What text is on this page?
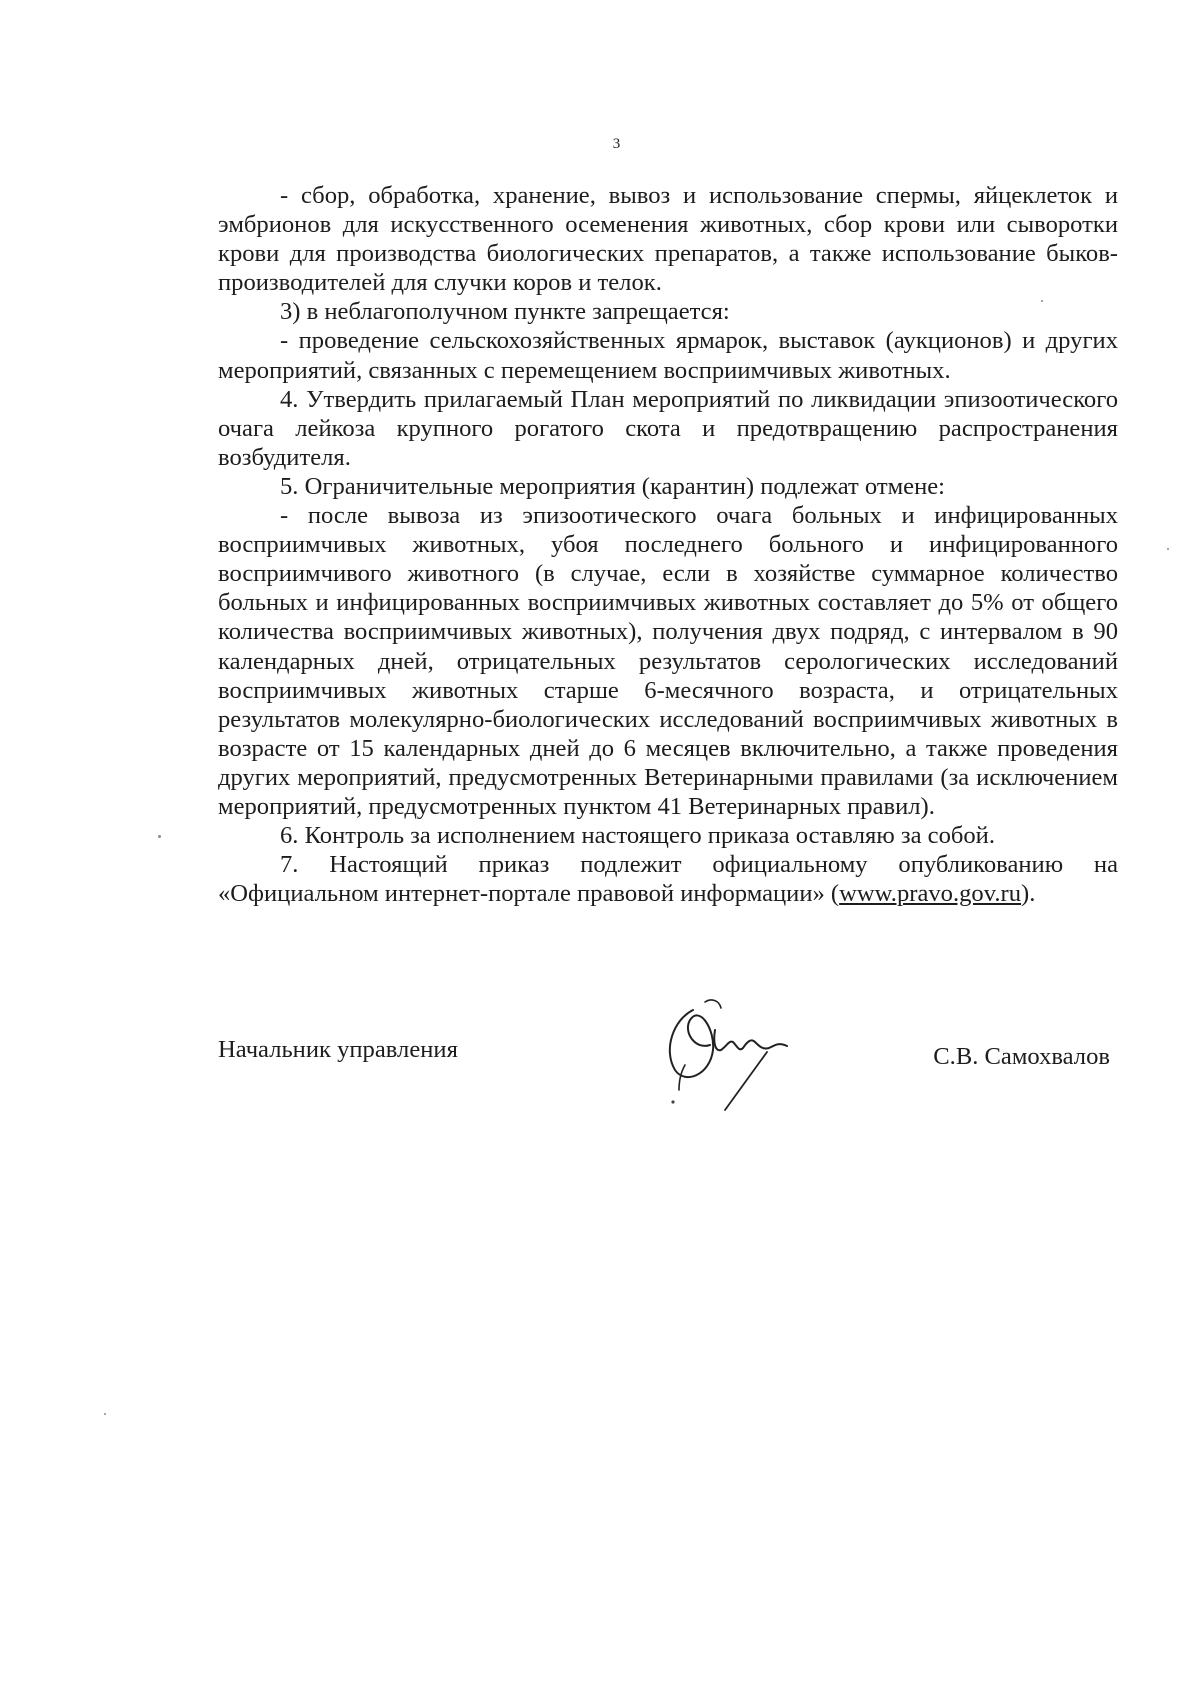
3

- сбор, обработка, хранение, вывоз и использование спермы, яйцеклеток и эмбрионов для искусственного осеменения животных, сбор крови или сыворотки крови для производства биологических препаратов, а также использование быков-производителей для случки коров и телок.

3) в неблагополучном пункте запрещается:

- проведение сельскохозяйственных ярмарок, выставок (аукционов) и других мероприятий, связанных с перемещением восприимчивых животных.

4. Утвердить прилагаемый План мероприятий по ликвидации эпизоотического очага лейкоза крупного рогатого скота и предотвращению распространения возбудителя.

5. Ограничительные мероприятия (карантин) подлежат отмене:

- после вывоза из эпизоотического очага больных и инфицированных восприимчивых животных, убоя последнего больного и инфицированного восприимчивого животного (в случае, если в хозяйстве суммарное количество больных и инфицированных восприимчивых животных составляет до 5% от общего количества восприимчивых животных), получения двух подряд, с интервалом в 90 календарных дней, отрицательных результатов серологических исследований восприимчивых животных старше 6-месячного возраста, и отрицательных результатов молекулярно-биологических исследований восприимчивых животных в возрасте от 15 календарных дней до 6 месяцев включительно, а также проведения других мероприятий, предусмотренных Ветеринарными правилами (за исключением мероприятий, предусмотренных пунктом 41 Ветеринарных правил).

6. Контроль за исполнением настоящего приказа оставляю за собой.

7. Настоящий приказ подлежит официальному опубликованию на «Официальном интернет-портале правовой информации» (www.pravo.gov.ru).

Начальник управления	С.В. Самохвалов
